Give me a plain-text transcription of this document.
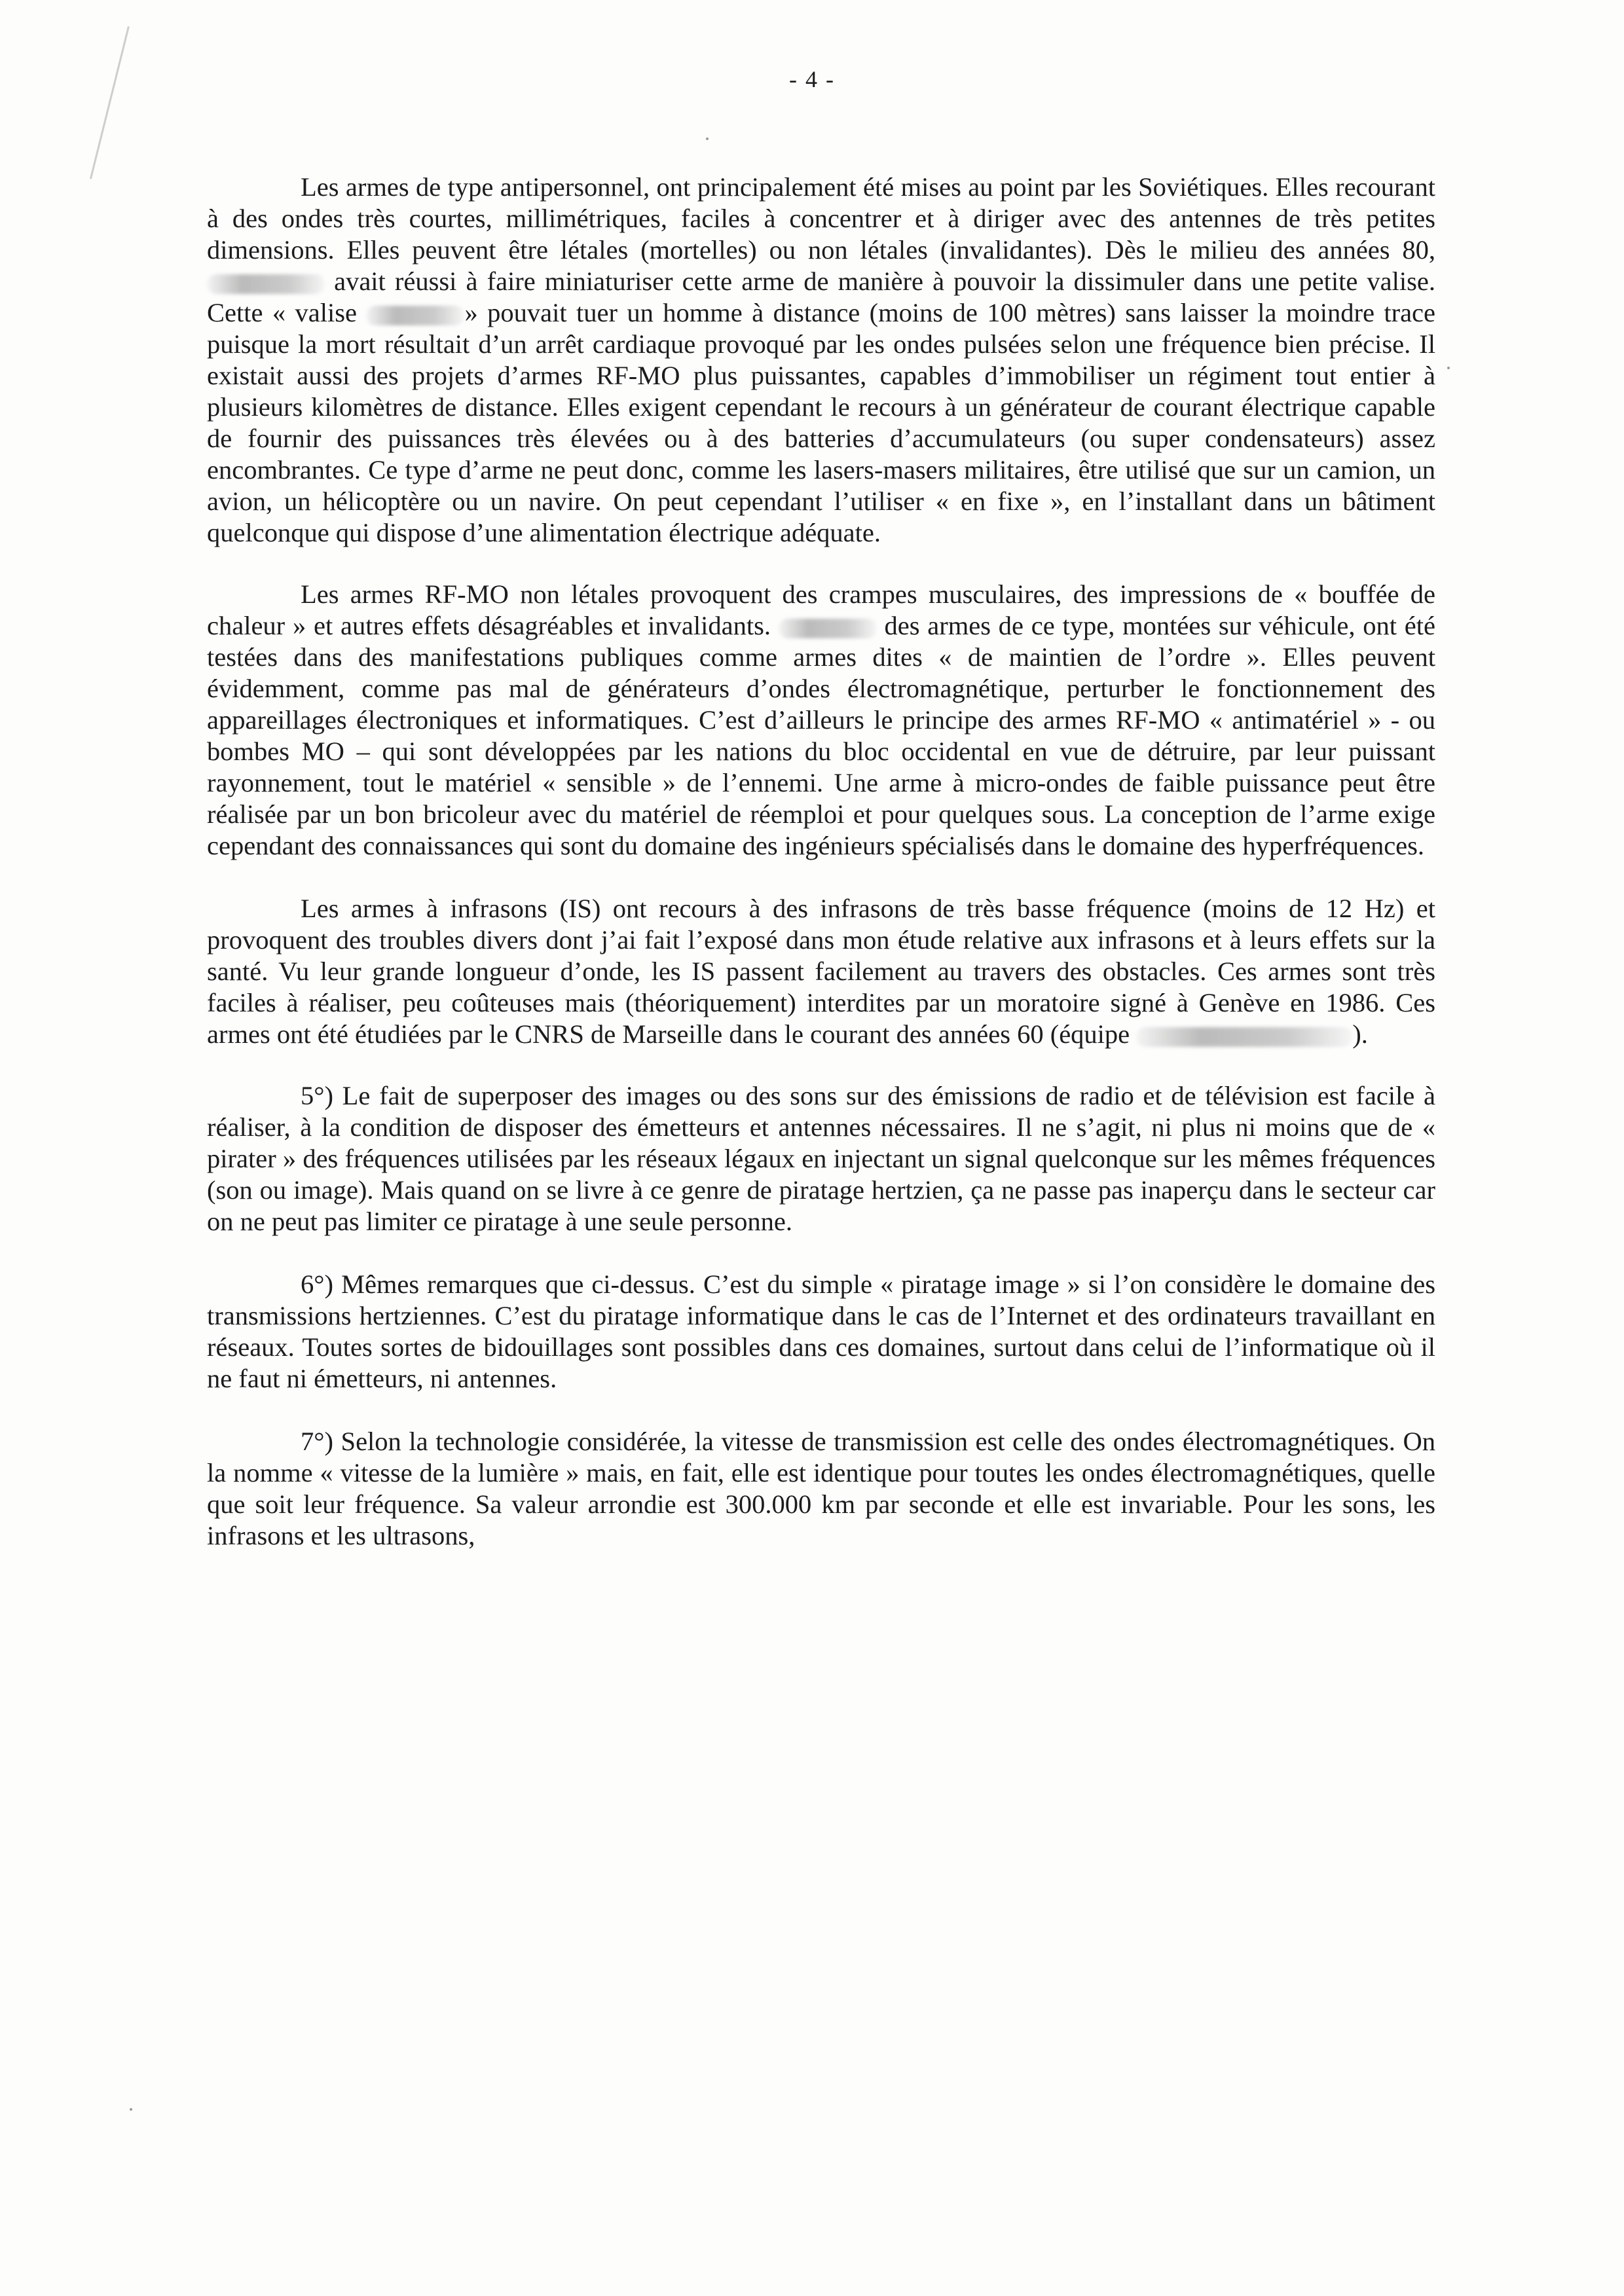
- 4 -

Les armes de type antipersonnel, ont principalement été mises au point par les Soviétiques. Elles recourant à des ondes très courtes, millimétriques, faciles à concentrer et à diriger avec des antennes de très petites dimensions. Elles peuvent être létales (mortelles) ou non létales (invalidantes). Dès le milieu des années 80,  avait réussi à faire miniaturiser cette arme de manière à pouvoir la dissimuler dans une petite valise. Cette « valise	» pouvait tuer un homme à distance (moins de 100 mètres) sans laisser la moindre trace puisque la mort résultait d’un arrêt cardiaque provoqué par les ondes pulsées selon une fréquence bien précise. Il existait aussi des projets d’armes RF-MO plus puissantes, capables d’immobiliser un régiment tout entier à plusieurs kilomètres de distance. Elles exigent cependant le recours à un générateur de courant électrique capable de fournir des puissances très élevées ou à des batteries d’accumulateurs (ou super condensateurs) assez encombrantes. Ce type d’arme ne peut donc, comme les lasers-masers militaires, être utilisé que sur un camion, un avion, un hélicoptère ou un navire. On peut cependant l’utiliser « en fixe », en l’installant dans un bâtiment quelconque qui dispose d’une alimentation électrique adéquate.

Les armes RF-MO non létales provoquent des crampes musculaires, des impressions de « bouffée de chaleur » et autres effets désagréables et invalidants.	des armes de ce type, montées sur véhicule, ont été testées dans des manifestations publiques comme armes dites « de maintien de l’ordre ». Elles peuvent évidemment, comme pas mal de générateurs d’ondes électromagnétique, perturber le fonctionnement des appareillages électroniques et informatiques. C’est d’ailleurs le principe des armes RF-MO « antimatériel » - ou bombes MO – qui sont développées par les nations du bloc occidental en vue de détruire, par leur puissant rayonnement, tout le matériel « sensible » de l’ennemi. Une arme à micro-ondes de faible puissance peut être réalisée par un bon bricoleur avec du matériel de réemploi et pour quelques sous. La conception de l’arme exige cependant des connaissances qui sont du domaine des ingénieurs spécialisés dans le domaine des hyperfréquences.

Les armes à infrasons (IS) ont recours à des infrasons de très basse fréquence (moins de 12 Hz) et provoquent des troubles divers dont j’ai fait l’exposé dans mon étude relative aux infrasons et à leurs effets sur la santé. Vu leur grande longueur d’onde, les IS passent facilement au travers des obstacles. Ces armes sont très faciles à réaliser, peu coûteuses mais (théoriquement) interdites par un moratoire signé à Genève en 1986. Ces armes ont été étudiées par le CNRS de Marseille dans le courant des années 60 (équipe	).

5°) Le fait de superposer des images ou des sons sur des émissions de radio et de télévision est facile à réaliser, à la condition de disposer des émetteurs et antennes nécessaires. Il ne s’agit, ni plus ni moins que de « pirater » des fréquences utilisées par les réseaux légaux en injectant un signal quelconque sur les mêmes fréquences (son ou image). Mais quand on se livre à ce genre de piratage hertzien, ça ne passe pas inaperçu dans le secteur car on ne peut pas limiter ce piratage à une seule personne.

6°) Mêmes remarques que ci-dessus. C’est du simple « piratage image » si l’on considère le domaine des transmissions hertziennes. C’est du piratage informatique dans le cas de l’Internet et des ordinateurs travaillant en réseaux. Toutes sortes de bidouillages sont possibles dans ces domaines, surtout dans celui de l’informatique où il ne faut ni émetteurs, ni antennes.

7°) Selon la technologie considérée, la vitesse de transmission est celle des ondes électromagnétiques. On la nomme « vitesse de la lumière » mais, en fait, elle est identique pour toutes les ondes électromagnétiques, quelle que soit leur fréquence. Sa valeur arrondie est 300.000 km par seconde et elle est invariable. Pour les sons, les infrasons et les ultrasons,
